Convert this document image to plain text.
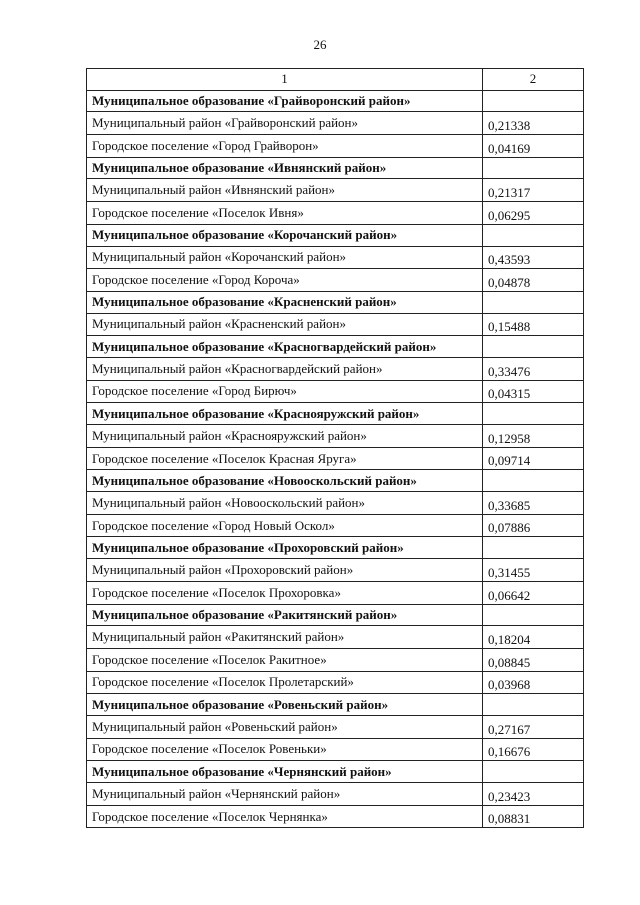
26
1	2
Муниципальное образование «Грайворонский район»	
Муниципальный район «Грайворонский район»	0,21338
Городское поселение «Город Грайворон»	0,04169
Муниципальное образование «Ивнянский район»	
Муниципальный район «Ивнянский район»	0,21317
Городское поселение «Поселок Ивня»	0,06295
Муниципальное образование «Корочанский район»	
Муниципальный район «Корочанский район»	0,43593
Городское поселение «Город Короча»	0,04878
Муниципальное образование «Красненский район»	
Муниципальный район «Красненский район»	0,15488
Муниципальное образование «Красногвардейский район»	
Муниципальный район «Красногвардейский район»	0,33476
Городское поселение «Город Бирюч»	0,04315
Муниципальное образование «Краснояружский район»	
Муниципальный район «Краснояружский район»	0,12958
Городское поселение «Поселок Красная Яруга»	0,09714
Муниципальное образование «Новооскольский район»	
Муниципальный район «Новооскольский район»	0,33685
Городское поселение «Город Новый Оскол»	0,07886
Муниципальное образование «Прохоровский район»	
Муниципальный район «Прохоровский район»	0,31455
Городское поселение «Поселок Прохоровка»	0,06642
Муниципальное образование «Ракитянский район»	
Муниципальный район «Ракитянский район»	0,18204
Городское поселение «Поселок Ракитное»	0,08845
Городское поселение «Поселок Пролетарский»	0,03968
Муниципальное образование «Ровеньский район»	
Муниципальный район «Ровеньский район»	0,27167
Городское поселение «Поселок Ровеньки»	0,16676
Муниципальное образование «Чернянский район»	
Муниципальный район «Чернянский район»	0,23423
Городское поселение «Поселок Чернянка»	0,08831
